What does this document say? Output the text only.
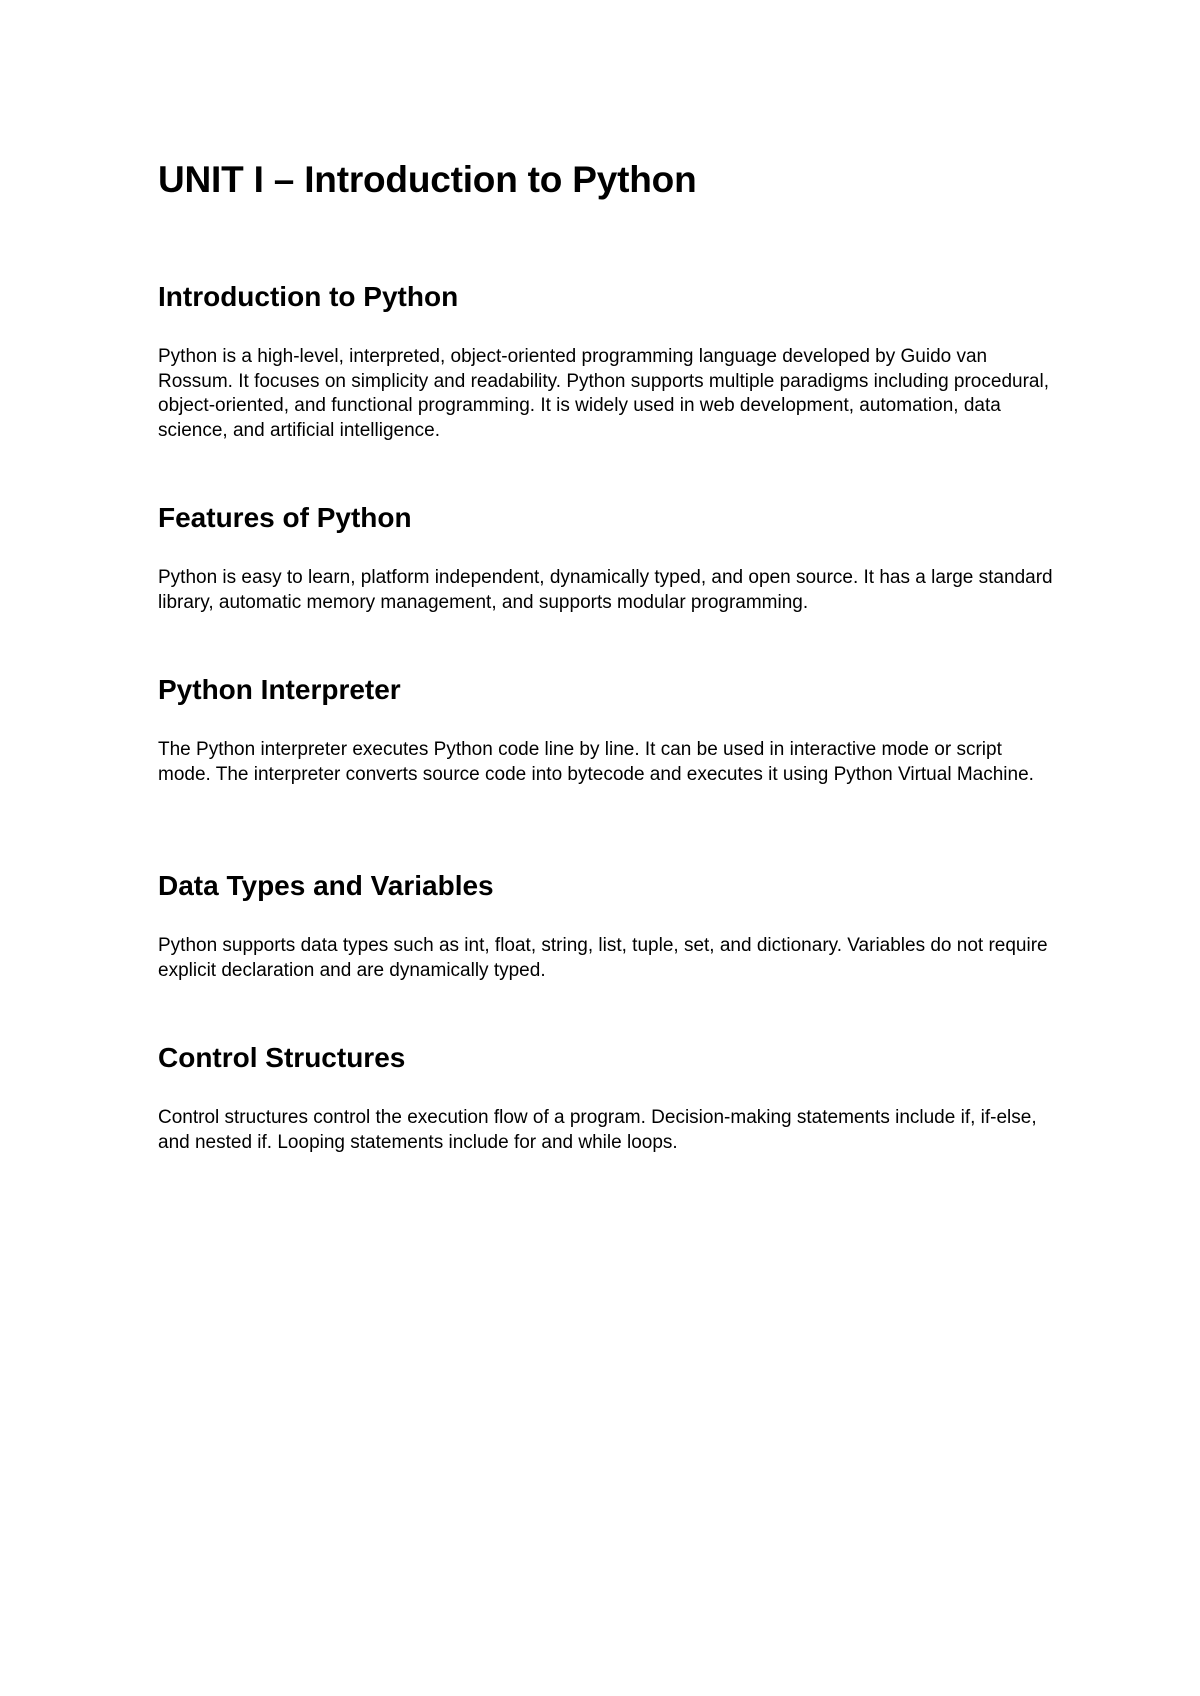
UNIT I – Introduction to Python
Introduction to Python

Python is a high-level, interpreted, object-oriented programming language developed by Guido van Rossum. It focuses on simplicity and readability. Python supports multiple paradigms including procedural, object-oriented, and functional programming. It is widely used in web development, automation, data science, and artificial intelligence.

Features of Python

Python is easy to learn, platform independent, dynamically typed, and open source. It has a large standard library, automatic memory management, and supports modular programming.

Python Interpreter

The Python interpreter executes Python code line by line. It can be used in interactive mode or script mode. The interpreter converts source code into bytecode and executes it using Python Virtual Machine.

Data Types and Variables

Python supports data types such as int, float, string, list, tuple, set, and dictionary. Variables do not require explicit declaration and are dynamically typed.

Control Structures

Control structures control the execution flow of a program. Decision-making statements include if, if-else, and nested if. Looping statements include for and while loops.
